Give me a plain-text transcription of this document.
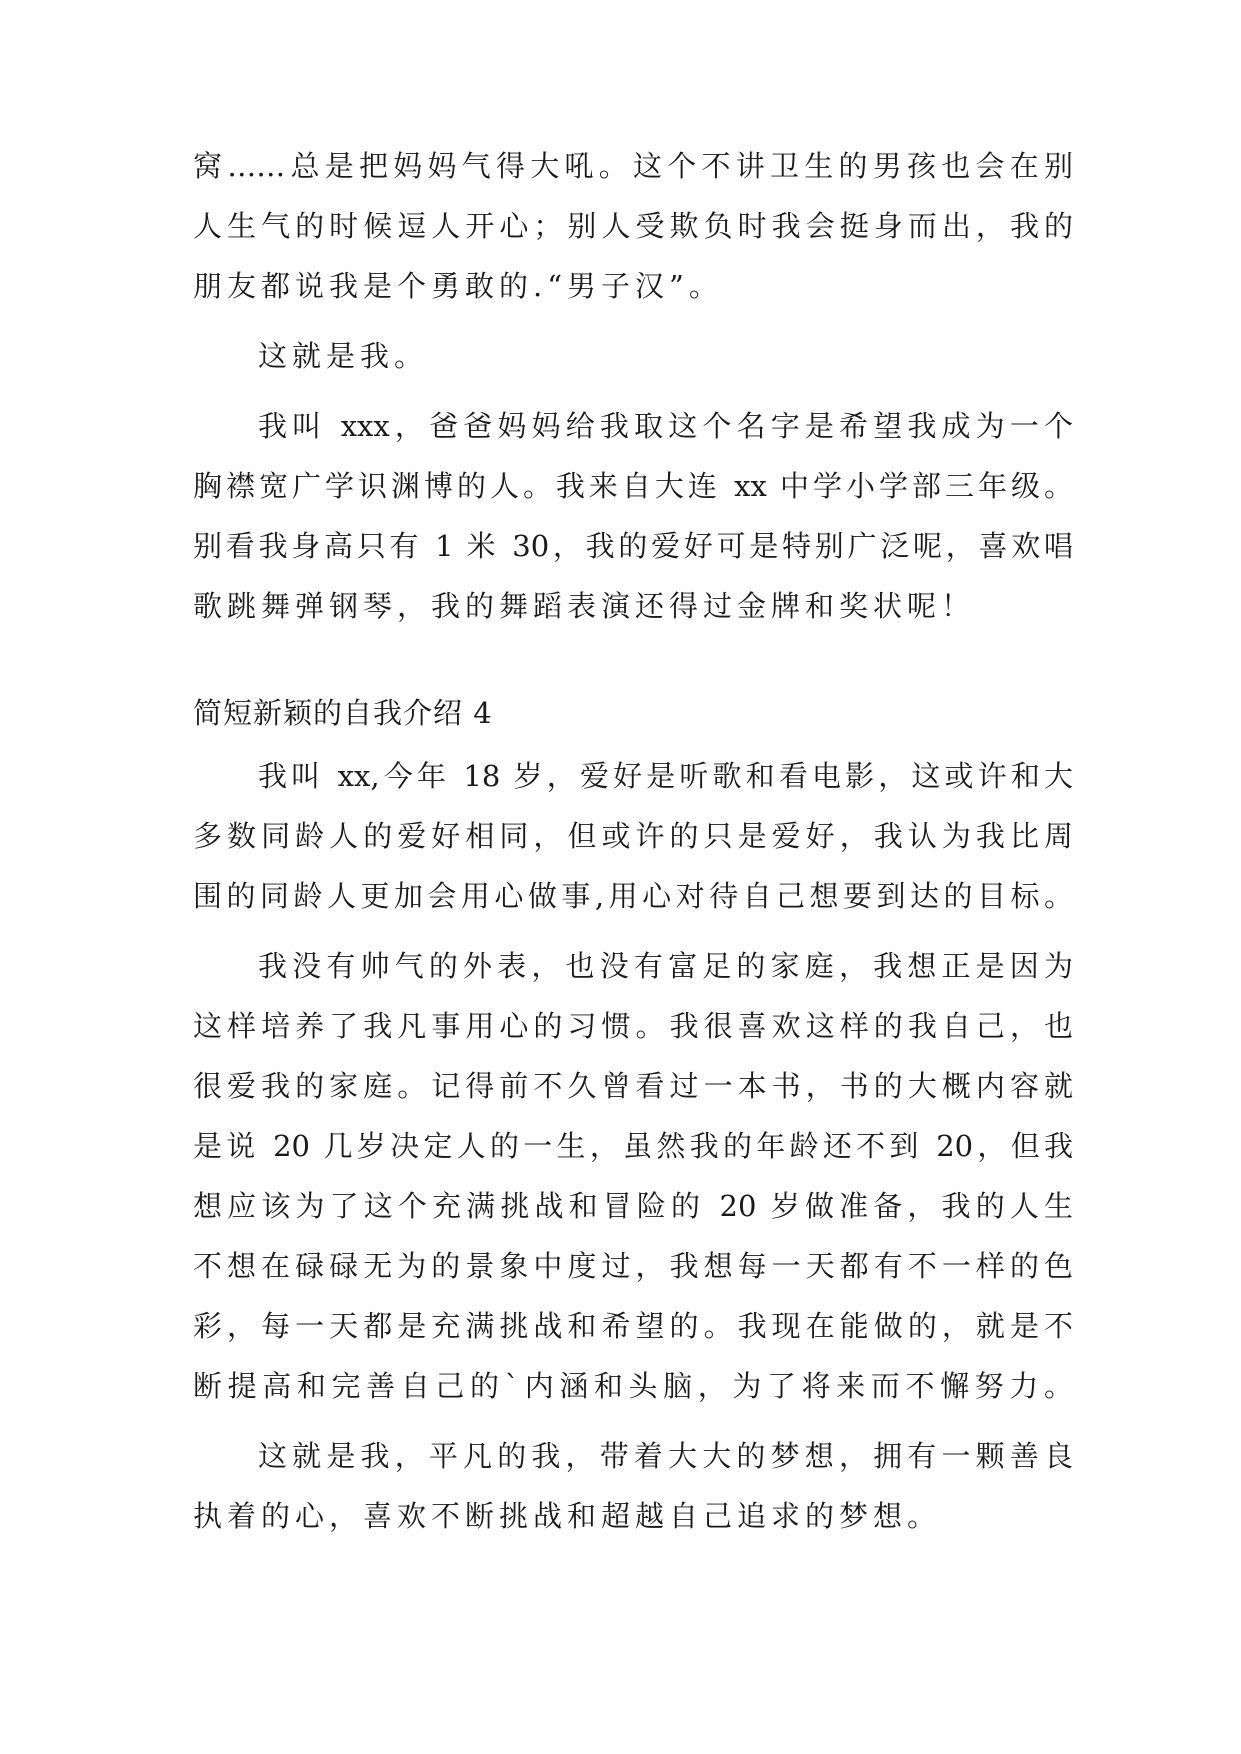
窝……总是把妈妈气得大吼。这个不讲卫生的男孩也会在别
人生气的时候逗人开心；别人受欺负时我会挺身而出，我的
朋友都说我是个勇敢的.“男子汉”。
这就是我。
我叫 xxx，爸爸妈妈给我取这个名字是希望我成为一个
胸襟宽广学识渊博的人。我来自大连 xx 中学小学部三年级。
别看我身高只有 1 米 30，我的爱好可是特别广泛呢，喜欢唱
歌跳舞弹钢琴，我的舞蹈表演还得过金牌和奖状呢！
简短新颖的自我介绍 4
我叫 xx,今年 18 岁，爱好是听歌和看电影，这或许和大
多数同龄人的爱好相同，但或许的只是爱好，我认为我比周
围的同龄人更加会用心做事,用心对待自己想要到达的目标。
我没有帅气的外表，也没有富足的家庭，我想正是因为
这样培养了我凡事用心的习惯。我很喜欢这样的我自己，也
很爱我的家庭。记得前不久曾看过一本书，书的大概内容就
是说 20 几岁决定人的一生，虽然我的年龄还不到 20，但我
想应该为了这个充满挑战和冒险的 20 岁做准备，我的人生
不想在碌碌无为的景象中度过，我想每一天都有不一样的色
彩，每一天都是充满挑战和希望的。我现在能做的，就是不
断提高和完善自己的`内涵和头脑，为了将来而不懈努力。
这就是我，平凡的我，带着大大的梦想，拥有一颗善良
执着的心，喜欢不断挑战和超越自己追求的梦想。
